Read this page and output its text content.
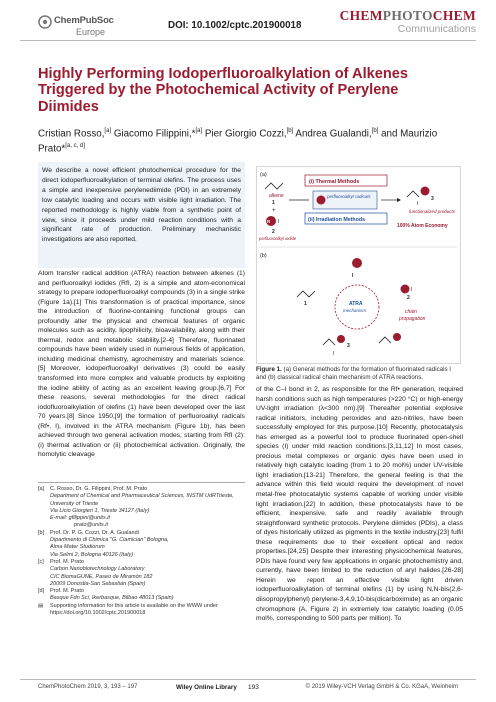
ChemPubSoc
Europe
DOI: 10.1002/cptc.201900018
CHEMPHOTOCHEM
Communications
Highly Performing Iodoperfluoroalkylation of Alkenes Triggered by the Photochemical Activity of Perylene Diimides
Cristian Rosso,[a] Giacomo Filippini,*[a] Pier Giorgio Cozzi,[b] Andrea Gualandi,[b] and Maurizio Prato*[a, c, d]
We describe a novel efficient photochemical procedure for the direct iodoperfluoroalkylation of terminal olefins. The process uses a simple and inexpensive perylenediimide (PDI) in an extremely low catalytic loading and occurs with visible light irradiation. The reported methodology is highly viable from a synthetic point of view, since it proceeds under mild reaction conditions with a significant rate of production. Preliminary mechanistic investigations are also reported.
(a)
alkene
1
+
R I
2
perfluoroalkyl iodide
(i) Thermal Methods
perfluoroalkyl radicals
(ii) Irradiation Methods
I
3
functionalized products
100% Atom Economy
(b)
I
ATRA
mechanism
1
I
2
chain
propagation
I
3
Figure 1. (a) General methods for the formation of fluorinated radicals I and (b) classical radical chain mechanism of ATRA reactions.

Atom transfer radical addition (ATRA) reaction between alkenes (1) and perfluoroalkyl iodides (RfI, 2) is a simple and atom-economical strategy to prepare iodoperfluoroalkyl compounds (3) in a single strike (Figure 1a).[1] This transformation is of practical importance, since the introduction of fluorine-containing functional groups can profoundly alter the physical and chemical features of organic molecules such as acidity, lipophilicity, bioavailability, along with their thermal, redox and metabolic stability.[2-4] Therefore, fluorinated compounds have been widely used in numerous fields of application, including medicinal chemistry, agrochemistry and materials science.[5] Moreover, iodoperfluoroalkyl derivatives (3) could be easily transformed into more complex and valuable products by exploiting the iodine ability of acting as an excellent leaving group.[6,7] For these reasons, several methodologies for the direct radical iodofluoroalkylation of olefins (1) have been developed over the last 70 years.[8] Since 1950,[9] the formation of perfluoroalkyl radicals (Rf•, I), involved in the ATRA mechanism (Figure 1b), has been achieved through two general activation modes, starting from RfI (2): (i) thermal activation or (ii) photochemical activation. Originally, the homolytic cleavage

[a]	C. Rosso, Dr. G. Filippini, Prof. M. Prato
Department of Chemical and Pharmaceutical Sciences, INSTM UdRTrieste,
University of Trieste
Via Licio Giorgieri 1, Trieste 34127 (Italy)
E-mail: gfilippini@units.it
prato@units.it
[b]	Prof. Dr. P. G. Cozzi, Dr. A. Gualandi
Dipartimento di Chimica "G. Ciamician" Bologna,
Alma Mater Studiorum
Via Selmi 2, Bologna 40126 (Italy)
[c]	Prof. M. Prato
Carbon Nanobiotechnology Laboratory
CIC BiomaGUNE, Paseo de Miramón 182
20009 Donostia-San Sebastián (Spain)
[d]	Prof. M. Prato
Basque Fdn Sci, Ikerbasque, Bilbao 48013 (Spain)
▤	Supporting information for this article is available on the WWW under https://doi.org/10.1002/cptc.201900018

of the C–I bond in 2, as responsible for the Rf• generation, required harsh conditions such as high temperatures (>220 °C) or high-energy UV-light irradiation (λ<300 nm).[9] Thereafter potential explosive radical initiators, including peroxides and azo-nitriles, have been successfully employed for this purpose.[10] Recently, photocatalysis has emerged as a powerful tool to produce fluorinated open-shell species (I) under mild reaction conditions.[3,11,12] In most cases, precious metal complexes or organic dyes have been used in relatively high catalytic loading (from 1 to 20 mol%) under UV-visible light irradiation.[13-21] Therefore, the general feeling is that the advance within this field would require the development of novel metal-free photocatalytic systems capable of working under visible light irradiation.[22] In addition, these photocatalysts have to be efficient, inexpensive, safe and readily available through straightforward synthetic protocols. Perylene diimides (PDIs), a class of dyes historically utilized as pigments in the textile industry,[23] fulfil these requirements due to their excellent optical and redox properties.[24,25] Despite their interesting physicochemical features, PDIs have found very few applications in organic photochemistry and, currently, have been limited to the reduction of aryl halides.[26-28] Herein we report an effective visible light driven iodoperfluoroalkylation of terminal olefins (1) by using N,N-bis(2,6-diisopropylphenyl) perylene-3,4,9,10-bis(dicarboximide) as an organic chromophore (A, Figure 2) in extremely low catalytic loading (0.05 mol%, corresponding to 500 parts per million). To

ChemPhotoChem 2019, 3, 193 – 197	Wiley Online Library 193	© 2019 Wiley-VCH Verlag GmbH & Co. KGaA, Weinheim
